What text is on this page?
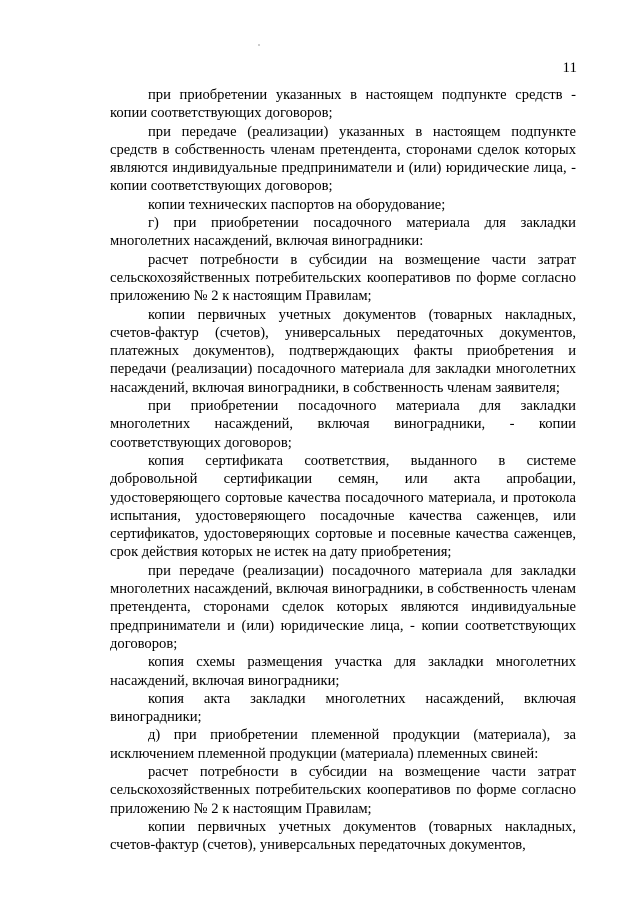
11

при приобретении указанных в настоящем подпункте средств - копии соответствующих договоров;

при передаче (реализации) указанных в настоящем подпункте средств в собственность членам претендента, сторонами сделок которых являются индивидуальные предприниматели и (или) юридические лица, - копии соответствующих договоров;

копии технических паспортов на оборудование;

г) при приобретении посадочного материала для закладки многолетних насаждений, включая виноградники:

расчет потребности в субсидии на возмещение части затрат сельскохозяйственных потребительских кооперативов по форме согласно приложению № 2 к настоящим Правилам;

копии первичных учетных документов (товарных накладных, счетов-фактур (счетов), универсальных передаточных документов, платежных документов), подтверждающих факты приобретения и передачи (реализации) посадочного материала для закладки многолетних насаждений, включая виноградники, в собственность членам заявителя;

при приобретении посадочного материала для закладки многолетних насаждений, включая виноградники, - копии соответствующих договоров;

копия сертификата соответствия, выданного в системе добровольной сертификации семян, или акта апробации, удостоверяющего сортовые качества посадочного материала, и протокола испытания, удостоверяющего посадочные качества саженцев, или сертификатов, удостоверяющих сортовые и посевные качества саженцев, срок действия которых не истек на дату приобретения;

при передаче (реализации) посадочного материала для закладки многолетних насаждений, включая виноградники, в собственность членам претендента, сторонами сделок которых являются индивидуальные предприниматели и (или) юридические лица, - копии соответствующих договоров;

копия схемы размещения участка для закладки многолетних насаждений, включая виноградники;

копия акта закладки многолетних насаждений, включая виноградники;

д) при приобретении племенной продукции (материала), за исключением племенной продукции (материала) племенных свиней:

расчет потребности в субсидии на возмещение части затрат сельскохозяйственных потребительских кооперативов по форме согласно приложению № 2 к настоящим Правилам;

копии первичных учетных документов (товарных накладных, счетов-фактур (счетов), универсальных передаточных документов,
